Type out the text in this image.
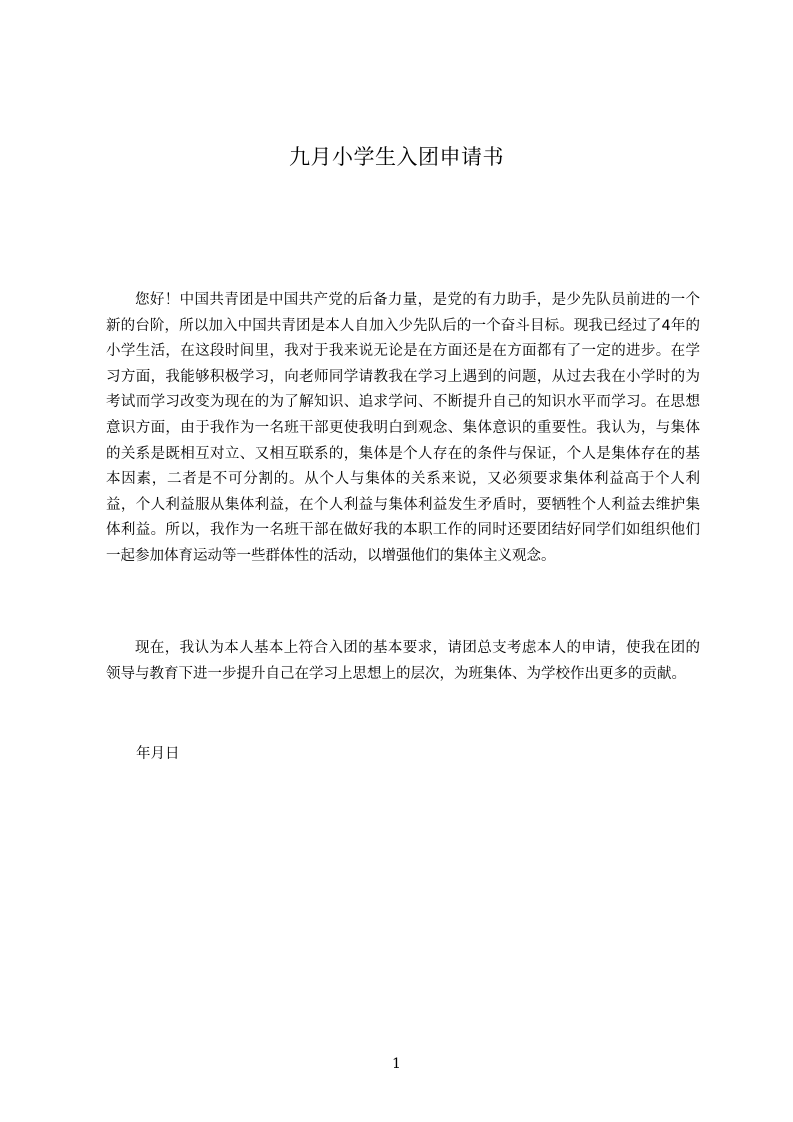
九月小学生入团申请书
您好！中国共青团是中国共产党的后备力量，是党的有力助手，是少先队员前进的一个新的台阶，所以加入中国共青团是本人自加入少先队后的一个奋斗目标。现我已经过了4年的小学生活，在这段时间里，我对于我来说无论是在方面还是在方面都有了一定的进步。在学习方面，我能够积极学习，向老师同学请教我在学习上遇到的问题，从过去我在小学时的为考试而学习改变为现在的为了解知识、追求学问、不断提升自己的知识水平而学习。在思想意识方面，由于我作为一名班干部更使我明白到观念、集体意识的重要性。我认为，与集体的关系是既相互对立、又相互联系的，集体是个人存在的条件与保证，个人是集体存在的基本因素，二者是不可分割的。从个人与集体的关系来说，又必须要求集体利益高于个人利益，个人利益服从集体利益，在个人利益与集体利益发生矛盾时，要牺牲个人利益去维护集体利益。所以，我作为一名班干部在做好我的本职工作的同时还要团结好同学们如组织他们一起参加体育运动等一些群体性的活动，以增强他们的集体主义观念。
现在，我认为本人基本上符合入团的基本要求，请团总支考虑本人的申请，使我在团的领导与教育下进一步提升自己在学习上思想上的层次，为班集体、为学校作出更多的贡献。
年月日
1
